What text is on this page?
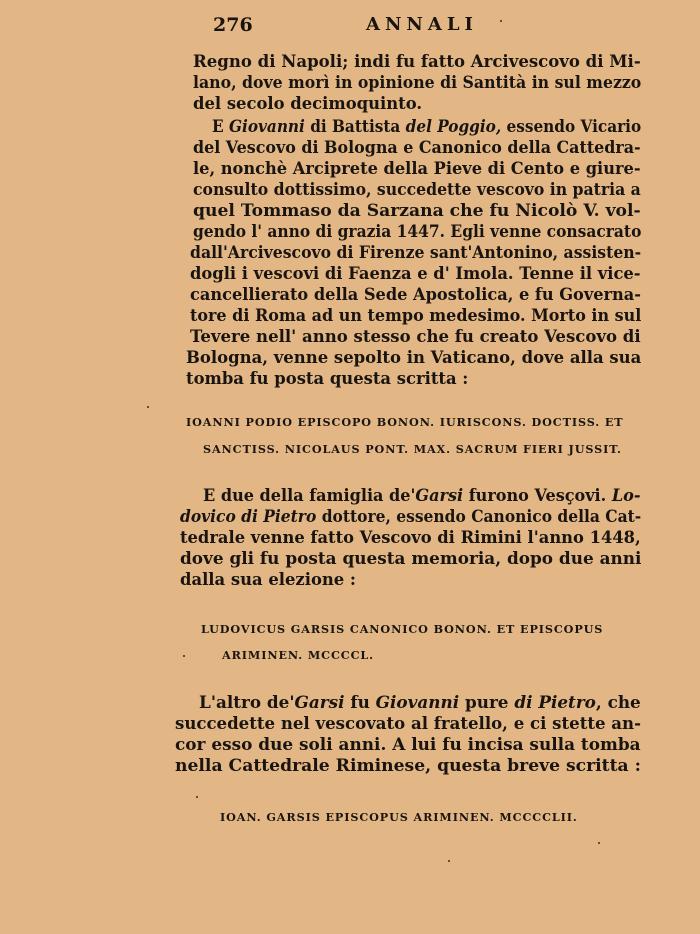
276	ANNALI
Regno di Napoli; indi fu fatto Arcivescovo di Mi-
lano, dove morì in opinione di Santità in sul mezzo
del secolo decimoquinto.
E Giovanni di Battista del Poggio, essendo Vicario
del Vescovo di Bologna e Canonico della Cattedra-
le, nonchè Arciprete della Pieve di Cento e giure-
consulto dottissimo, succedette vescovo in patria a
quel Tommaso da Sarzana che fu Nicolò V. vol-
gendo l' anno di grazia 1447. Egli venne consacrato
dall'Arcivescovo di Firenze sant'Antonino, assisten-
dogli i vescovi di Faenza e d' Imola. Tenne il vice-
cancellierato della Sede Apostolica, e fu Governa-
tore di Roma ad un tempo medesimo. Morto in sul
Tevere nell' anno stesso che fu creato Vescovo di
Bologna, venne sepolto in Vaticano, dove alla sua
tomba fu posta questa scritta :
IOANNI PODIO EPISCOPO BONON. IURISCONS. DOCTISS. ET
SANCTISS. NICOLAUS PONT. MAX. SACRUM FIERI JUSSIT.
E due della famiglia de'Garsi furono Vesçovi. Lo-
dovico di Pietro dottore, essendo Canonico della Cat-
tedrale venne fatto Vescovo di Rimini l'anno 1448,
dove gli fu posta questa memoria, dopo due anni
dalla sua elezione :
LUDOVICUS GARSIS CANONICO BONON. ET EPISCOPUS
ARIMINEN. MCCCCL.
L'altro de'Garsi fu Giovanni pure di Pietro, che
succedette nel vescovato al fratello, e ci stette an-
cor esso due soli anni. A lui fu incisa sulla tomba
nella Cattedrale Riminese, questa breve scritta :
IOAN. GARSIS EPISCOPUS ARIMINEN. MCCCCLII.
